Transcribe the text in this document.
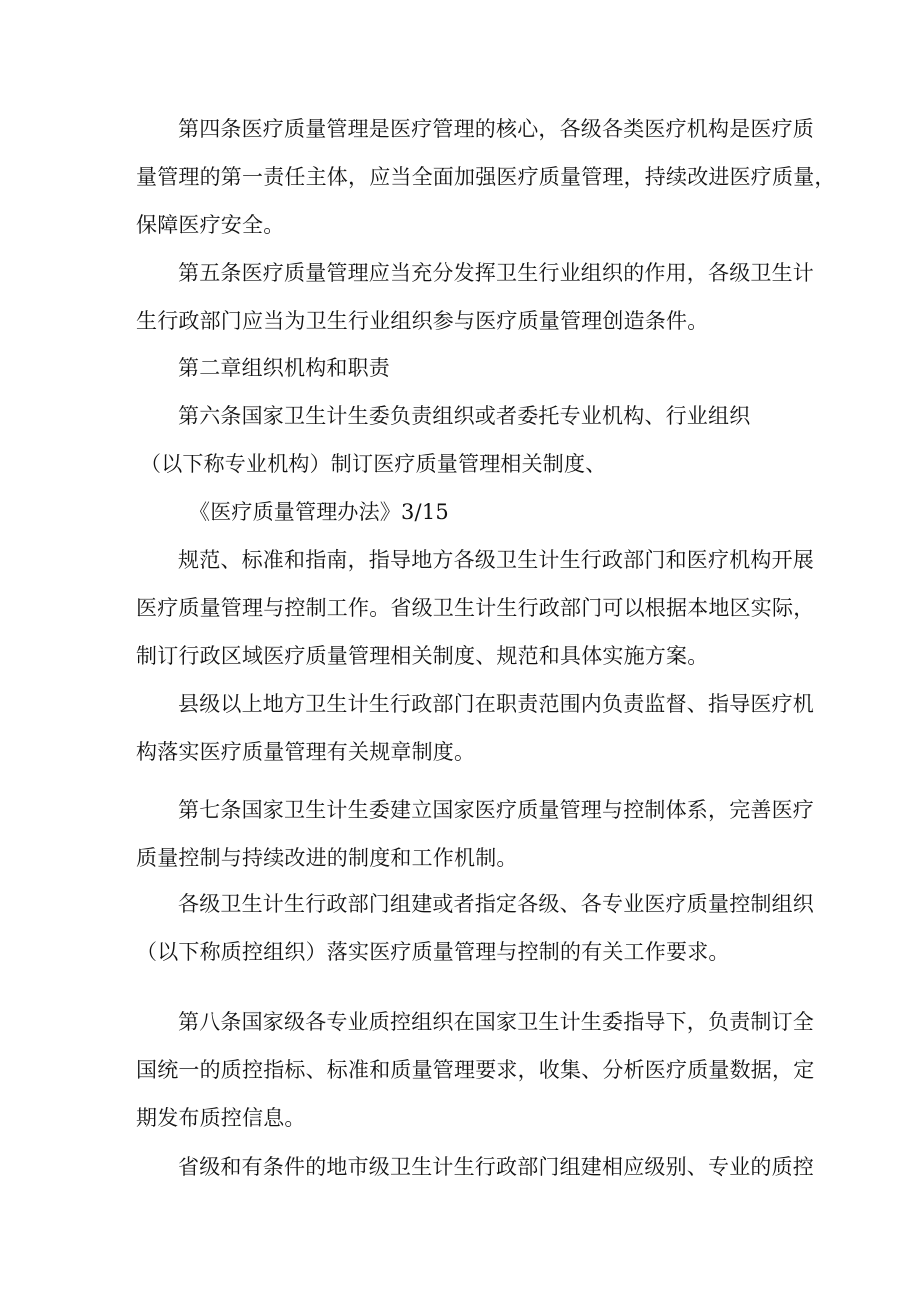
第四条医疗质量管理是医疗管理的核心，各级各类医疗机构是医疗质
量管理的第一责任主体，应当全面加强医疗质量管理，持续改进医疗质量，
保障医疗安全。
第五条医疗质量管理应当充分发挥卫生行业组织的作用，各级卫生计
生行政部门应当为卫生行业组织参与医疗质量管理创造条件。
第二章组织机构和职责
第六条国家卫生计生委负责组织或者委托专业机构、行业组织
（以下称专业机构）制订医疗质量管理相关制度、
《医疗质量管理办法》3/15
规范、标准和指南，指导地方各级卫生计生行政部门和医疗机构开展
医疗质量管理与控制工作。省级卫生计生行政部门可以根据本地区实际，
制订行政区域医疗质量管理相关制度、规范和具体实施方案。
县级以上地方卫生计生行政部门在职责范围内负责监督、指导医疗机
构落实医疗质量管理有关规章制度。
第七条国家卫生计生委建立国家医疗质量管理与控制体系，完善医疗
质量控制与持续改进的制度和工作机制。
各级卫生计生行政部门组建或者指定各级、各专业医疗质量控制组织
（以下称质控组织）落实医疗质量管理与控制的有关工作要求。
第八条国家级各专业质控组织在国家卫生计生委指导下，负责制订全
国统一的质控指标、标准和质量管理要求，收集、分析医疗质量数据，定
期发布质控信息。
省级和有条件的地市级卫生计生行政部门组建相应级别、专业的质控
